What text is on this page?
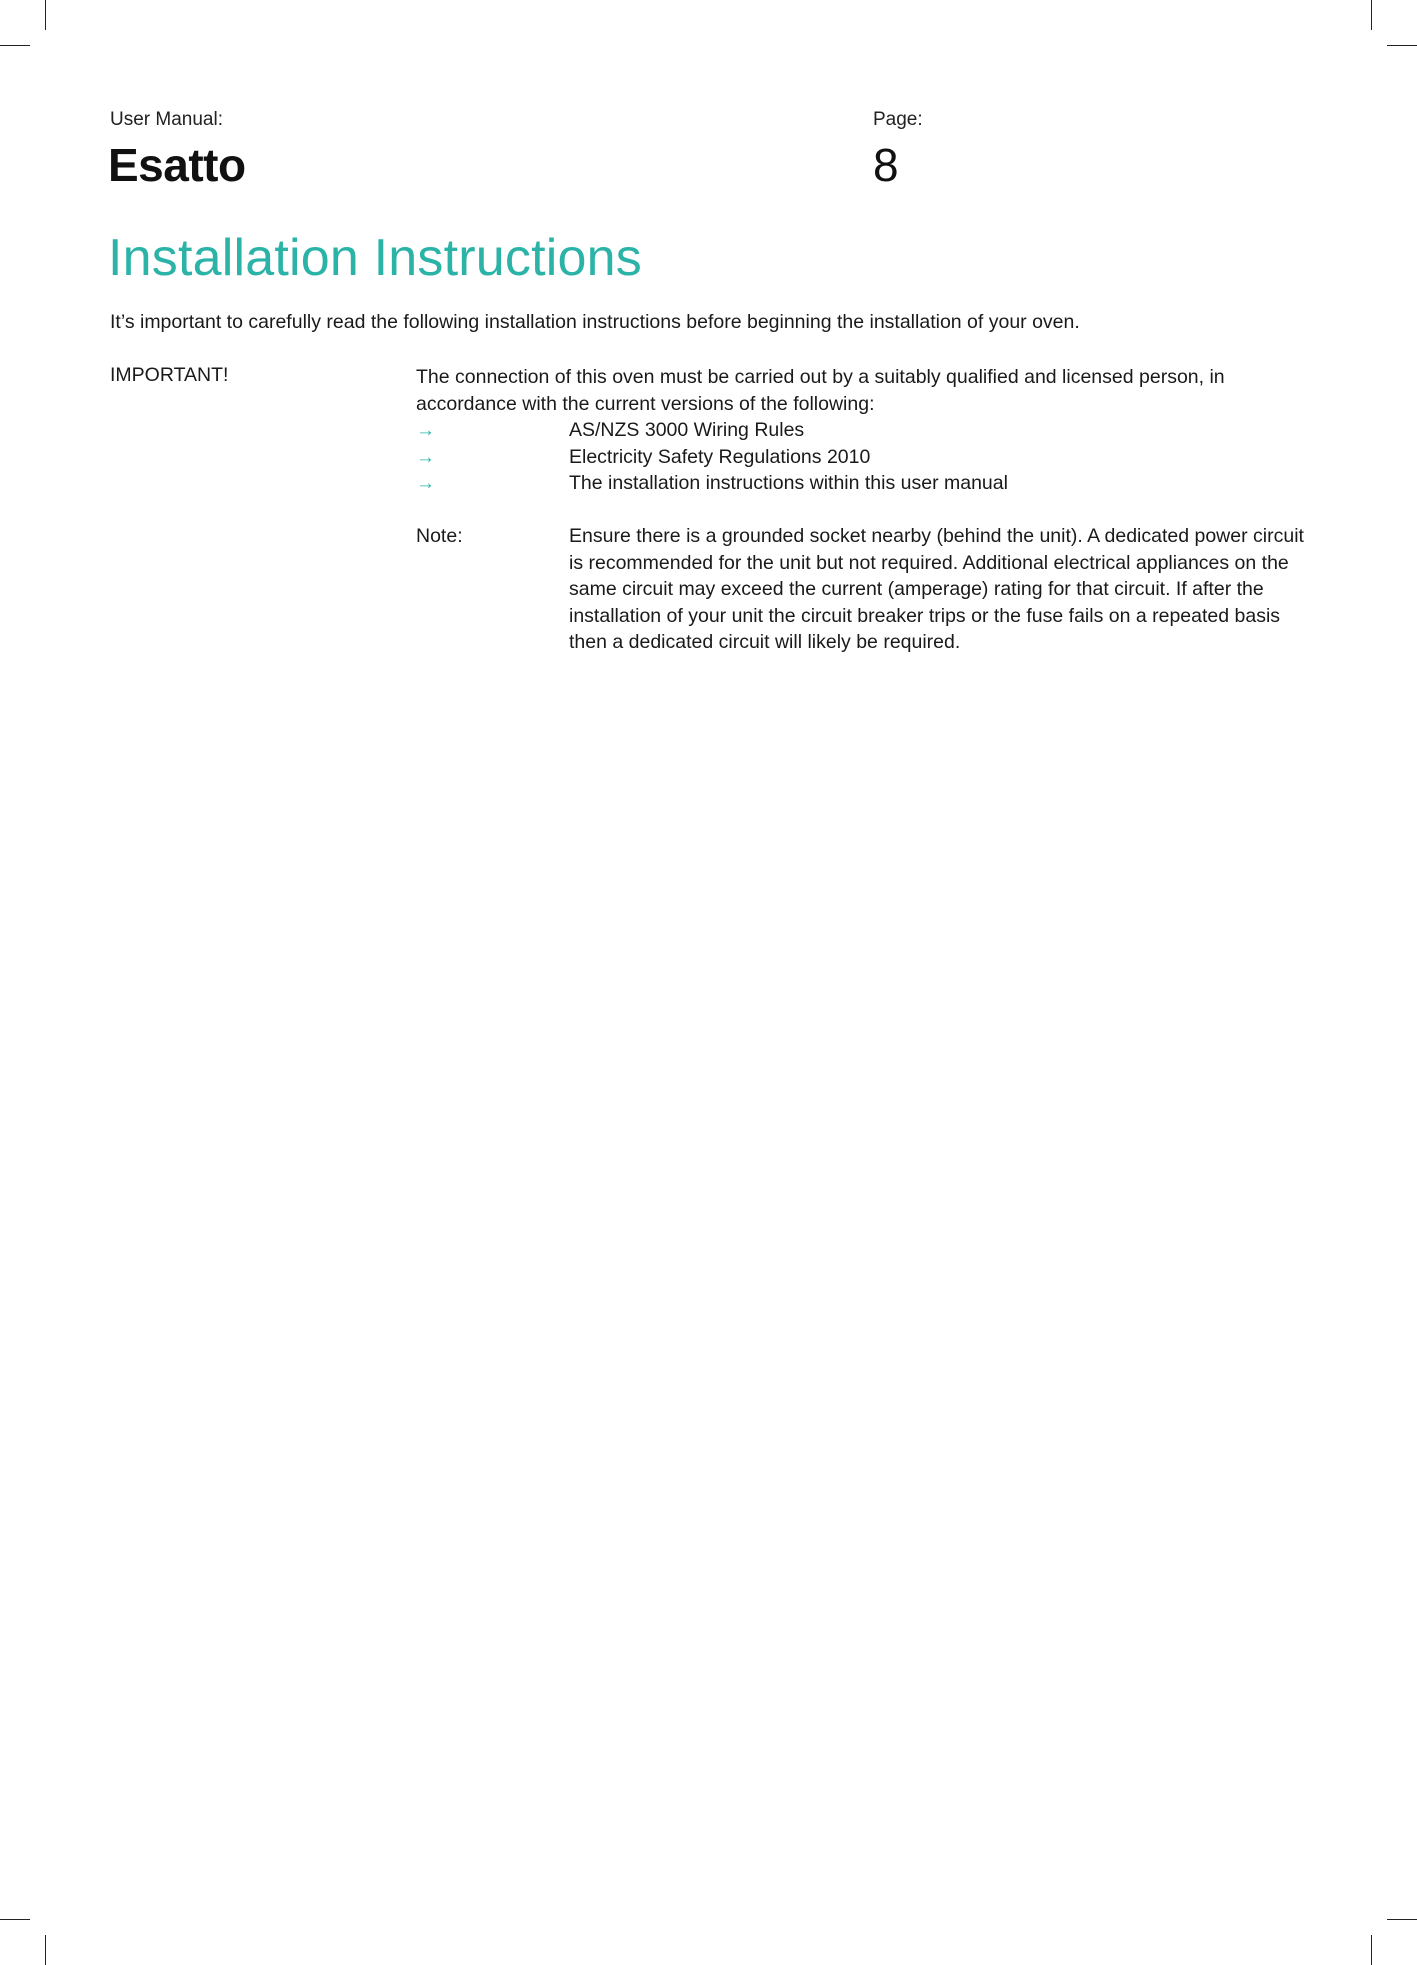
User Manual:
Esatto
Page:
8
Installation Instructions
It’s important to carefully read the following installation instructions before beginning the installation of your oven.
IMPORTANT!	The connection of this oven must be carried out by a suitably qualified and licensed person, in accordance with the current versions of the following:
→	AS/NZS 3000 Wiring Rules
→	Electricity Safety Regulations 2010
→	The installation instructions within this user manual
Note:	Ensure there is a grounded socket nearby (behind the unit). A dedicated power circuit is recommended for the unit but not required. Additional electrical appliances on the same circuit may exceed the current (amperage) rating for that circuit. If after the installation of your unit the circuit breaker trips or the fuse fails on a repeated basis then a dedicated circuit will likely be required.
